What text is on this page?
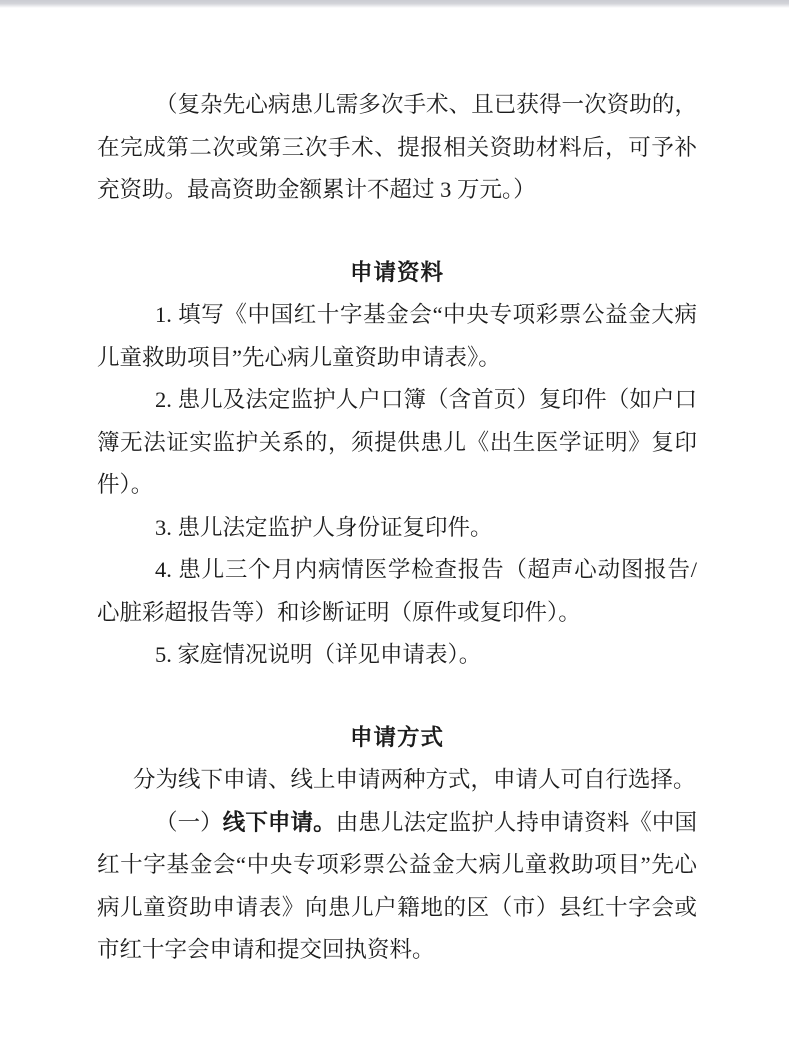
（复杂先心病患儿需多次手术、且已获得一次资助的，在完成第二次或第三次手术、提报相关资助材料后，可予补充资助。最高资助金额累计不超过 3 万元。）

申请资料

1. 填写《中国红十字基金会“中央专项彩票公益金大病儿童救助项目”先心病儿童资助申请表》。

2. 患儿及法定监护人户口簿（含首页）复印件（如户口簿无法证实监护关系的，须提供患儿《出生医学证明》复印件）。

3. 患儿法定监护人身份证复印件。

4. 患儿三个月内病情医学检查报告（超声心动图报告/心脏彩超报告等）和诊断证明（原件或复印件）。

5. 家庭情况说明（详见申请表）。

申请方式

分为线下申请、线上申请两种方式，申请人可自行选择。

（一）线下申请。由患儿法定监护人持申请资料《中国红十字基金会“中央专项彩票公益金大病儿童救助项目”先心病儿童资助申请表》向患儿户籍地的区（市）县红十字会或市红十字会申请和提交回执资料。
